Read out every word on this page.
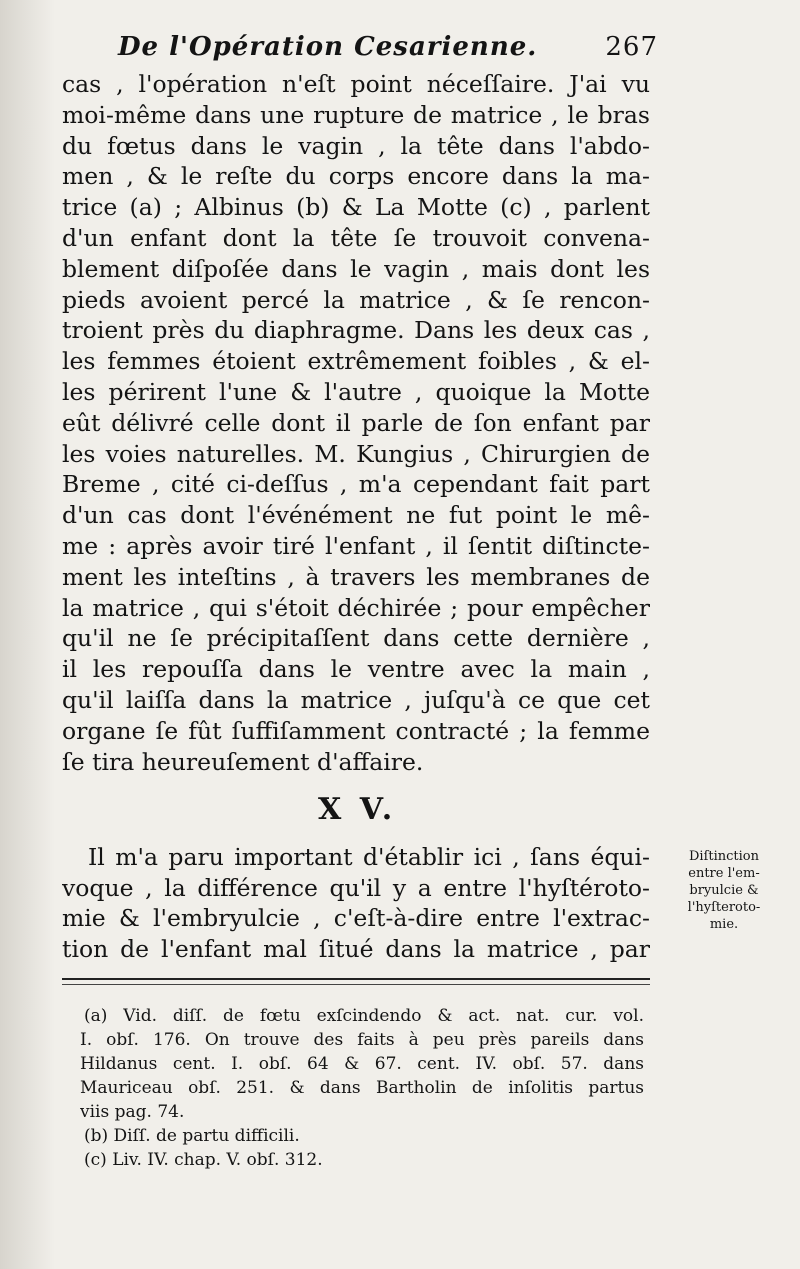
De l'Opération Cesarienne.	267
cas , l'opération n'eſt point néceſſaire. J'ai vu
moi-même dans une rupture de matrice , le bras
du fœtus dans le vagin , la tête dans l'abdo-
men , & le reſte du corps encore dans la ma-
trice (a) ; Albinus (b) & La Motte (c) , parlent
d'un enfant dont la tête ſe trouvoit convena-
blement diſpoſée dans le vagin , mais dont les
pieds avoient percé la matrice , & ſe rencon-
troient près du diaphragme. Dans les deux cas ,
les femmes étoient extrêmement foibles , & el-
les périrent l'une & l'autre , quoique la Motte
eût délivré celle dont il parle de ſon enfant par
les voies naturelles. M. Kungius , Chirurgien de
Breme , cité ci-deſſus , m'a cependant fait part
d'un cas dont l'événément ne fut point le mê-
me : après avoir tiré l'enfant , il ſentit diſtincte-
ment les inteſtins , à travers les membranes de
la matrice , qui s'étoit déchirée ; pour empêcher
qu'il ne ſe précipitaſſent dans cette dernière ,
il les repouſſa dans le ventre avec la main ,
qu'il laiſſa dans la matrice , juſqu'à ce que cet
organe ſe fût ſuffiſamment contracté ; la femme
ſe tira heureuſement d'affaire.
X V.
Il m'a paru important d'établir ici , ſans équi-
voque , la différence qu'il y a entre l'hyſtéroto-
mie & l'embryulcie , c'eſt-à-dire entre l'extrac-
tion de l'enfant mal ſitué dans la matrice , par
Diſtinction
entre l'em-
bryulcie &
l'hyſteroto-
mie.
(a) Vid. diſſ. de fœtu exſcindendo & act. nat. cur. vol.
I. obſ. 176. On trouve des faits à peu près pareils dans
Hildanus cent. I. obſ. 64 & 67. cent. IV. obſ. 57. dans
Mauriceau obſ. 251. & dans Bartholin de inſolitis partus
viis pag. 74.
(b) Diſſ. de partu difficili.
(c) Liv. IV. chap. V. obſ. 312.
